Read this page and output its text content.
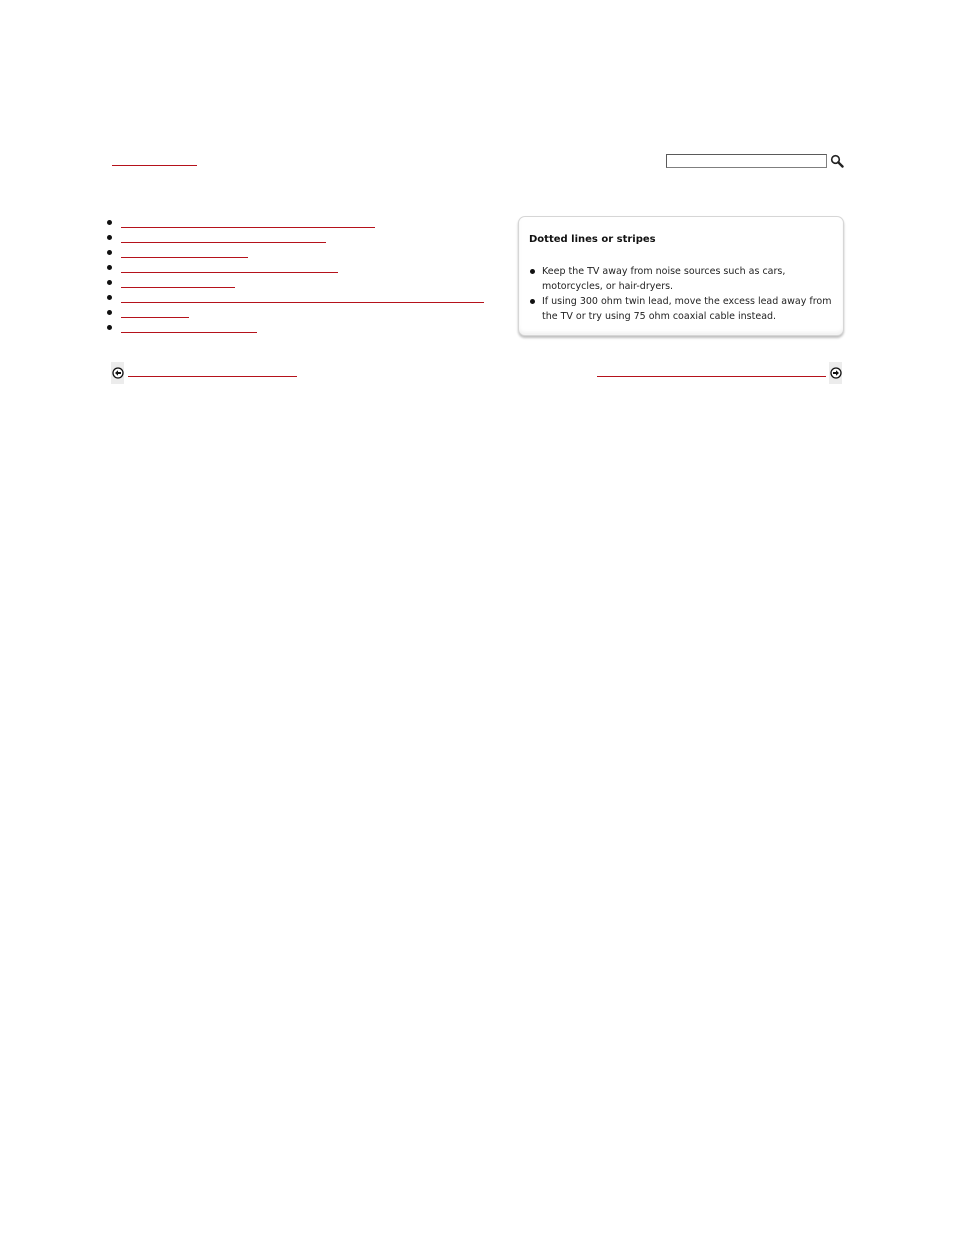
Dotted lines or stripes
Keep the TV away from noise sources such as cars, motorcycles, or hair-dryers.
If using 300 ohm twin lead, move the excess lead away from the TV or try using 75 ohm coaxial cable instead.
